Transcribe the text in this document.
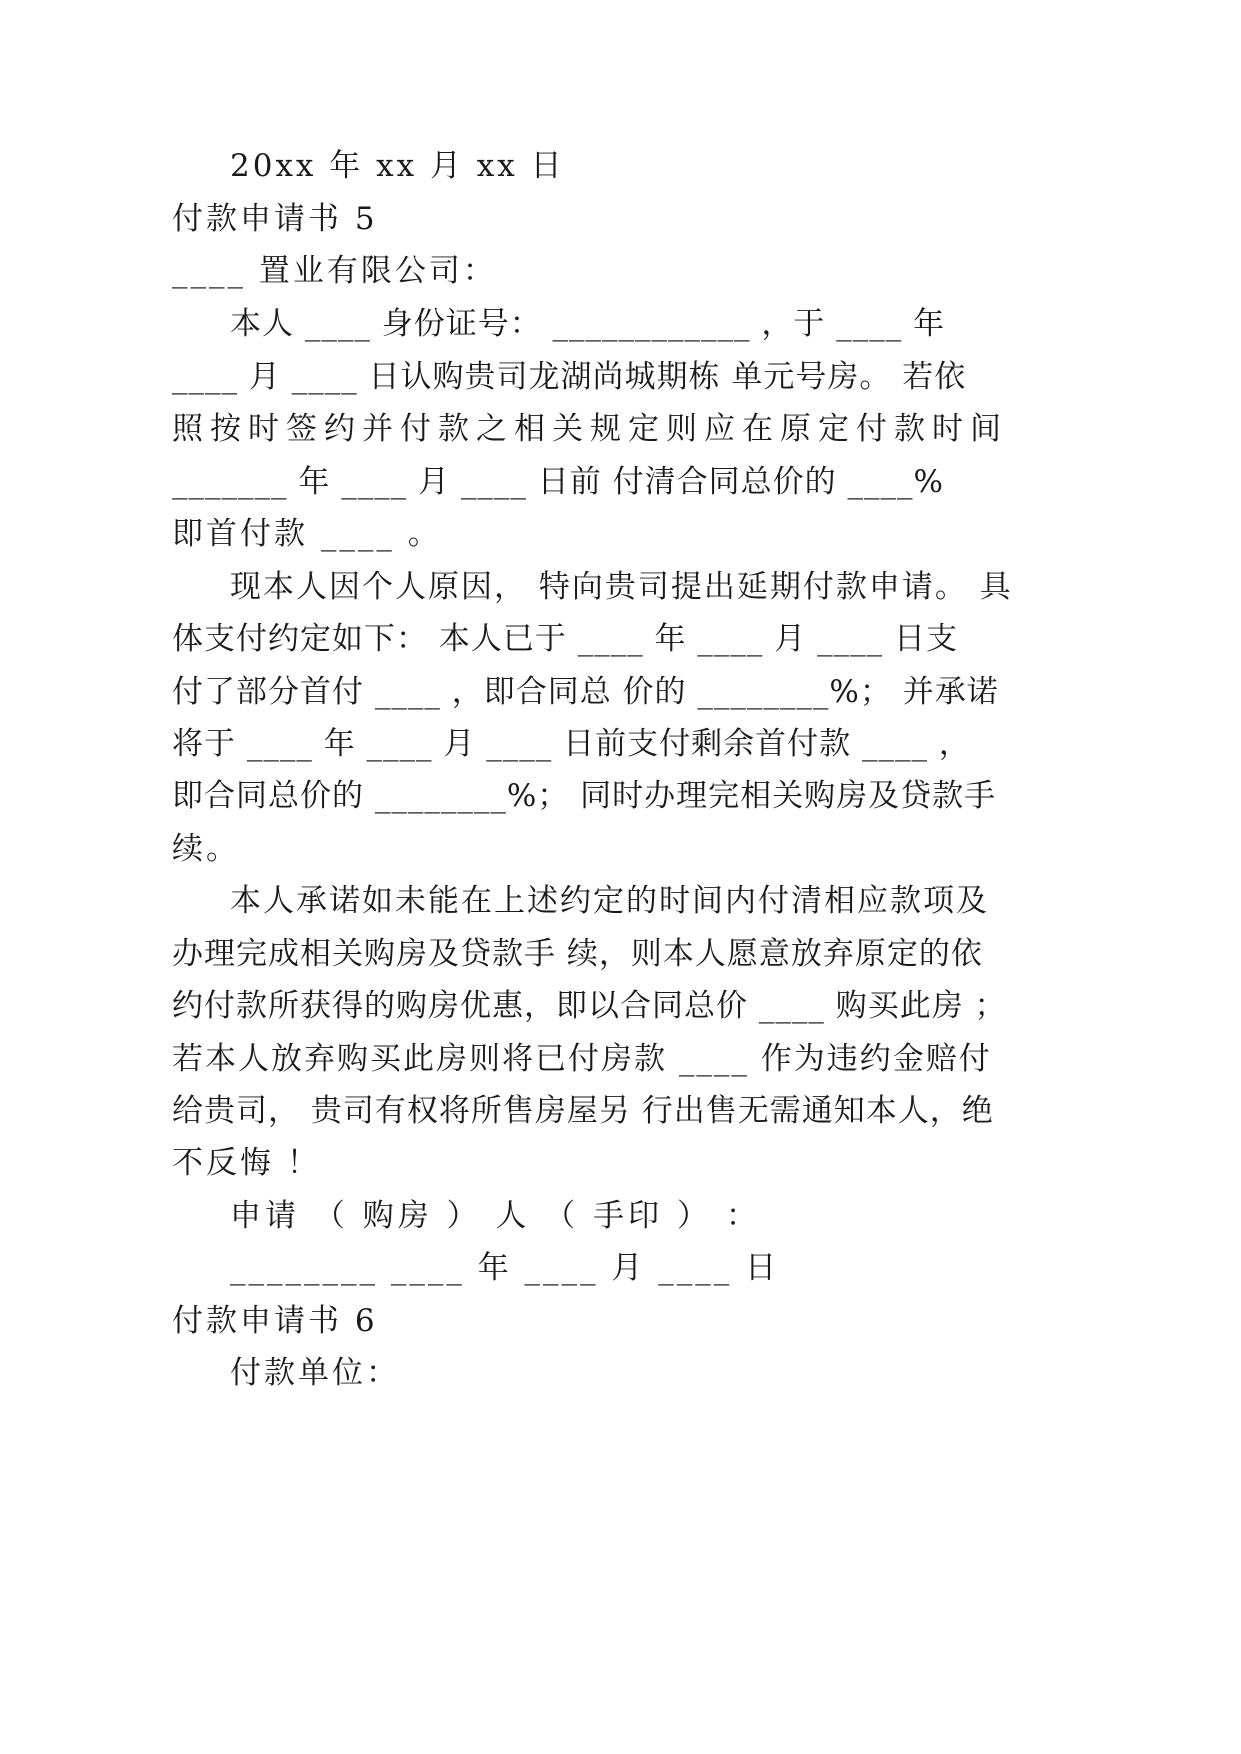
20xx 年 xx 月 xx 日
付款申请书 5
____ 置业有限公司：
本人 ____ 身份证号： ____________ ，于 ____ 年
____ 月 ____ 日认购贵司龙湖尚城期栋 单元号房。 若依
照按时签约并付款之相关规定则应在原定付款时间
_______ 年 ____ 月 ____ 日前 付清合同总价的 ____%
即首付款 ____ 。
现本人因个人原因， 特向贵司提出延期付款申请。 具
体支付约定如下： 本人已于 ____ 年 ____ 月 ____ 日支
付了部分首付 ____ ，即合同总 价的 ________%； 并承诺
将于 ____ 年 ____ 月 ____ 日前支付剩余首付款 ____ ，
即合同总价的 ________%； 同时办理完相关购房及贷款手
续。
本人承诺如未能在上述约定的时间内付清相应款项及
办理完成相关购房及贷款手 续，则本人愿意放弃原定的依
约付款所获得的购房优惠，即以合同总价 ____ 购买此房 ；
若本人放弃购买此房则将已付房款 ____ 作为违约金赔付
给贵司， 贵司有权将所售房屋另 行出售无需通知本人，绝
不反悔 ！
申请 （ 购房 ） 人 （ 手印 ） ：
________ ____ 年 ____ 月 ____ 日
付款申请书 6
付款单位：
